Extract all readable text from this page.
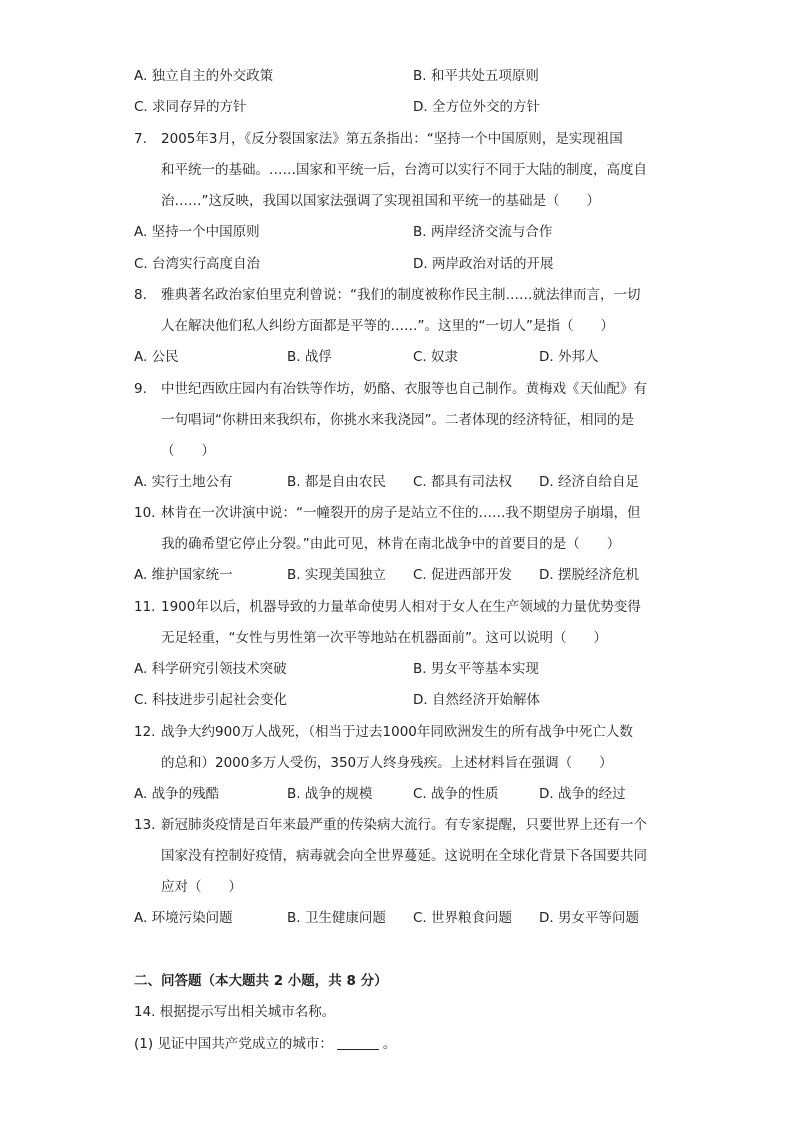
A. 独立自主的外交政策	B. 和平共处五项原则
C. 求同存异的方针	D. 全方位外交的方针
7. 2005年3月，《反分裂国家法》第五条指出：“坚持一个中国原则，是实现祖国
和平统一的基础。……国家和平统一后，台湾可以实行不同于大陆的制度，高度自
治……”这反映，我国以国家法强调了实现祖国和平统一的基础是（　　）
A. 坚持一个中国原则	B. 两岸经济交流与合作
C. 台湾实行高度自治	D. 两岸政治对话的开展
8. 雅典著名政治家伯里克利曾说：“我们的制度被称作民主制……就法律而言，一切
人在解决他们私人纠纷方面都是平等的……”。这里的“一切人”是指（　　）
A. 公民	B. 战俘	C. 奴隶	D. 外邦人
9. 中世纪西欧庄园内有冶铁等作坊，奶酪、衣服等也自己制作。黄梅戏《天仙配》有
一句唱词“你耕田来我织布，你挑水来我浇园”。二者体现的经济特征，相同的是
（　　）
A. 实行土地公有	B. 都是自由农民 C. 都具有司法权 D. 经济自给自足
10. 林肯在一次讲演中说：“一幢裂开的房子是站立不住的……我不期望房子崩塌，但
我的确希望它停止分裂。”由此可见，林肯在南北战争中的首要目的是（　　）
A. 维护国家统一	B. 实现美国独立 C. 促进西部开发 D. 摆脱经济危机
11. 1900年以后，机器导致的力量革命使男人相对于女人在生产领域的力量优势变得
无足轻重，“女性与男性第一次平等地站在机器面前”。这可以说明（　　）
A. 科学研究引领技术突破	B. 男女平等基本实现
C. 科技进步引起社会变化	D. 自然经济开始解体
12. 战争大约900万人战死，（相当于过去1000年同欧洲发生的所有战争中死亡人数
的总和）2000多万人受伤，350万人终身残疾。上述材料旨在强调（　　）
A. 战争的残酷	B. 战争的规模	C. 战争的性质	D. 战争的经过
13. 新冠肺炎疫情是百年来最严重的传染病大流行。有专家提醒，只要世界上还有一个
国家没有控制好疫情，病毒就会向全世界蔓延。这说明在全球化背景下各国要共同
应对（　　）
A. 环境污染问题	B. 卫生健康问题 C. 世界粮食问题 D. 男女平等问题
二、问答题（本大题共 2 小题，共 8 分）
14. 根据提示写出相关城市名称。
(1) 见证中国共产党成立的城市：	。
